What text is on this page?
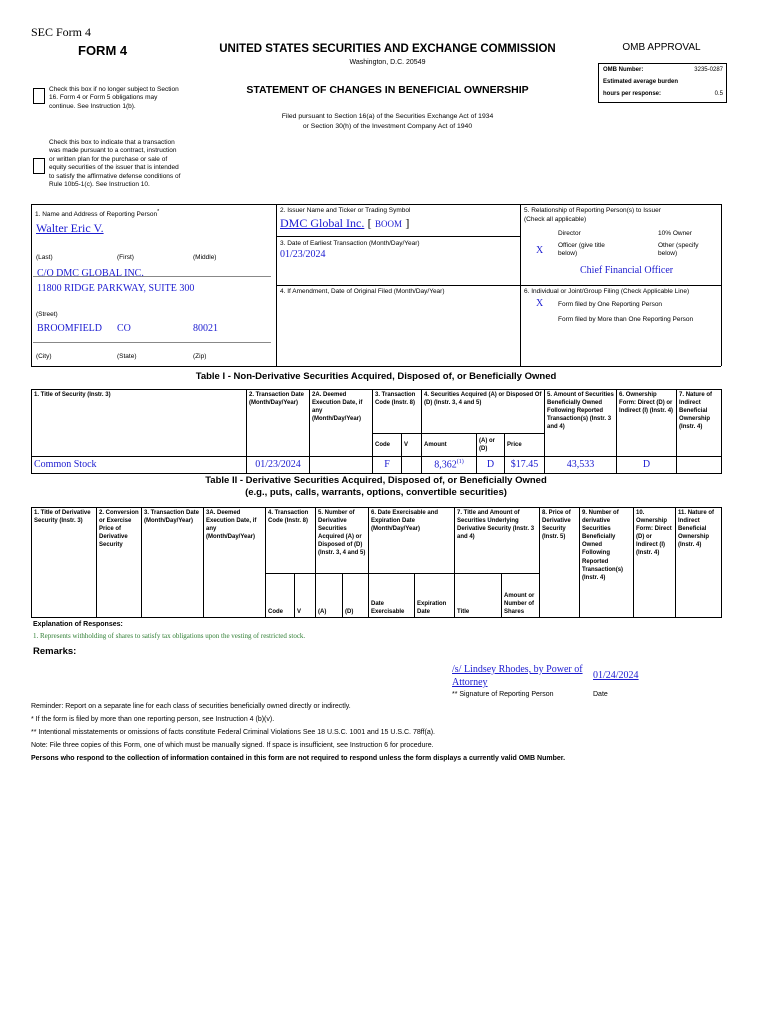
SEC Form 4
FORM 4	UNITED STATES SECURITIES AND EXCHANGE COMMISSION
Washington, D.C. 20549
OMB APPROVAL
OMB Number:	3235-0287
Estimated average burden
hours per response:	0.5
Check this box if no longer subject to Section 16. Form 4 or Form 5 obligations may continue. See Instruction 1(b).
STATEMENT OF CHANGES IN BENEFICIAL OWNERSHIP
Filed pursuant to Section 16(a) of the Securities Exchange Act of 1934
or Section 30(h) of the Investment Company Act of 1940
Check this box to indicate that a transaction was made pursuant to a contract, instruction or written plan for the purchase or sale of equity securities of the issuer that is intended to satisfy the affirmative defense conditions of Rule 10b5-1(c). See Instruction 10.
1. Name and Address of Reporting Person*
Walter Eric V.
(Last)	(First)	(Middle)
C/O DMC GLOBAL INC.
11800 RIDGE PARKWAY, SUITE 300
(Street)
BROOMFIELD CO	80021
(City)	(State)	(Zip)
2. Issuer Name and Ticker or Trading Symbol
DMC Global Inc. [ BOOM ]
3. Date of Earliest Transaction (Month/Day/Year)
01/23/2024
4. If Amendment, Date of Original Filed (Month/Day/Year)
5. Relationship of Reporting Person(s) to Issuer
(Check all applicable)
Director	10% Owner
X Officer (give title below)
Other (specify below)
Chief Financial Officer
6. Individual or Joint/Group Filing (Check Applicable Line)
X Form filed by One Reporting Person
Form filed by More than One Reporting Person
Table I - Non-Derivative Securities Acquired, Disposed of, or Beneficially Owned
1. Title of Security (Instr. 3)	2. Transaction Date (Month/Day/Year)	2A. Deemed Execution Date, if any (Month/Day/Year)	3. Transaction Code (Instr. 8)		4. Securities Acquired (A) or Disposed Of (D) (Instr. 3, 4 and 5)			5. Amount of Securities Beneficially Owned Following Reported Transaction(s) (Instr. 3 and 4)	6. Ownership Form: Direct (D) or Indirect (I) (Instr. 4)	7. Nature of Indirect Beneficial Ownership (Instr. 4)
			Code	V	Amount	(A) or (D)	Price			
Common Stock	01/23/2024		F		8,362$^{(1)}$	D	$17.45	43,533	D	
Table II - Derivative Securities Acquired, Disposed of, or Beneficially Owned
(e.g., puts, calls, warrants, options, convertible securities)
1. Title of Derivative Security (Instr. 3)	2. Conversion or Exercise Price of Derivative Security	3. Transaction Date (Month/Day/Year)	3A. Deemed Execution Date, if any (Month/Day/Year)	4. Transaction Code (Instr. 8)		5. Number of Derivative Securities Acquired (A) or Disposed of (D) (Instr. 3, 4 and 5)		6. Date Exercisable and Expiration Date (Month/Day/Year)		7. Title and Amount of Securities Underlying Derivative Security (Instr. 3 and 4)		8. Price of Derivative Security (Instr. 5)	9. Number of derivative Securities Beneficially Owned Following Reported Transaction(s) (Instr. 4)	10. Ownership Form: Direct (D) or Indirect (I) (Instr. 4)	11. Nature of Indirect Beneficial Ownership (Instr. 4)
				Code	V	(A)	(D)	Date Exercisable	Expiration Date	Title	Amount or Number of Shares				
Explanation of Responses:
1. Represents withholding of shares to satisfy tax obligations upon the vesting of restricted stock.
Remarks:
/s/ Lindsey Rhodes, by Power of Attorney
01/24/2024
** Signature of Reporting Person	Date
Reminder: Report on a separate line for each class of securities beneficially owned directly or indirectly.
* If the form is filed by more than one reporting person, see Instruction 4 (b)(v).
** Intentional misstatements or omissions of facts constitute Federal Criminal Violations See 18 U.S.C. 1001 and 15 U.S.C. 78ff(a).
Note: File three copies of this Form, one of which must be manually signed. If space is insufficient, see Instruction 6 for procedure.
Persons who respond to the collection of information contained in this form are not required to respond unless the form displays a currently valid OMB Number.
